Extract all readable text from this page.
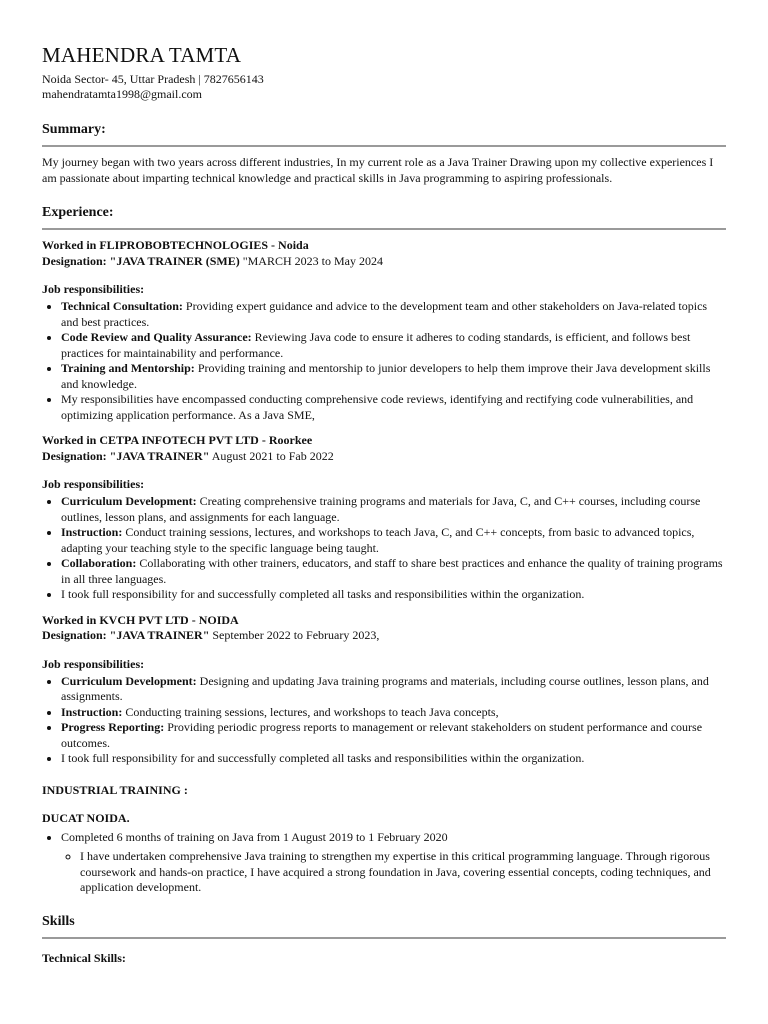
MAHENDRA TAMTA
Noida Sector- 45, Uttar Pradesh | 7827656143
mahendratamta1998@gmail.com
Summary:

My journey began with two years across different industries, In my current role as a Java Trainer Drawing upon my collective experiences I am passionate about imparting technical knowledge and practical skills in Java programming to aspiring professionals.

Experience:
Worked in FLIPROBOBTECHNOLOGIES - Noida
Designation: "JAVA TRAINER (SME) "MARCH 2023 to May 2024
Job responsibilities:
• Technical Consultation: Providing expert guidance and advice to the development team and other stakeholders on Java-related topics and best practices.
• Code Review and Quality Assurance: Reviewing Java code to ensure it adheres to coding standards, is efficient, and follows best practices for maintainability and performance.
• Training and Mentorship: Providing training and mentorship to junior developers to help them improve their Java development skills and knowledge.
• My responsibilities have encompassed conducting comprehensive code reviews, identifying and rectifying code vulnerabilities, and optimizing application performance. As a Java SME,
Worked in CETPA INFOTECH PVT LTD - Roorkee
Designation: "JAVA TRAINER" August 2021 to Fab 2022
Job responsibilities:
• Curriculum Development: Creating comprehensive training programs and materials for Java, C, and C++ courses, including course outlines, lesson plans, and assignments for each language.
• Instruction: Conduct training sessions, lectures, and workshops to teach Java, C, and C++ concepts, from basic to advanced topics, adapting your teaching style to the specific language being taught.
• Collaboration: Collaborating with other trainers, educators, and staff to share best practices and enhance the quality of training programs in all three languages.
• I took full responsibility for and successfully completed all tasks and responsibilities within the organization.
Worked in KVCH PVT LTD - NOIDA
Designation: "JAVA TRAINER" September 2022 to February 2023,
Job responsibilities:
• Curriculum Development: Designing and updating Java training programs and materials, including course outlines, lesson plans, and assignments.
• Instruction: Conducting training sessions, lectures, and workshops to teach Java concepts,
• Progress Reporting: Providing periodic progress reports to management or relevant stakeholders on student performance and course outcomes.
• I took full responsibility for and successfully completed all tasks and responsibilities within the organization.
INDUSTRIAL TRAINING :
DUCAT NOIDA.
• Completed 6 months of training on Java from 1 August 2019 to 1 February 2020
◦ I have undertaken comprehensive Java training to strengthen my expertise in this critical programming language. Through rigorous coursework and hands-on practice, I have acquired a strong foundation in Java, covering essential concepts, coding techniques, and application development.
Skills
Technical Skills:
